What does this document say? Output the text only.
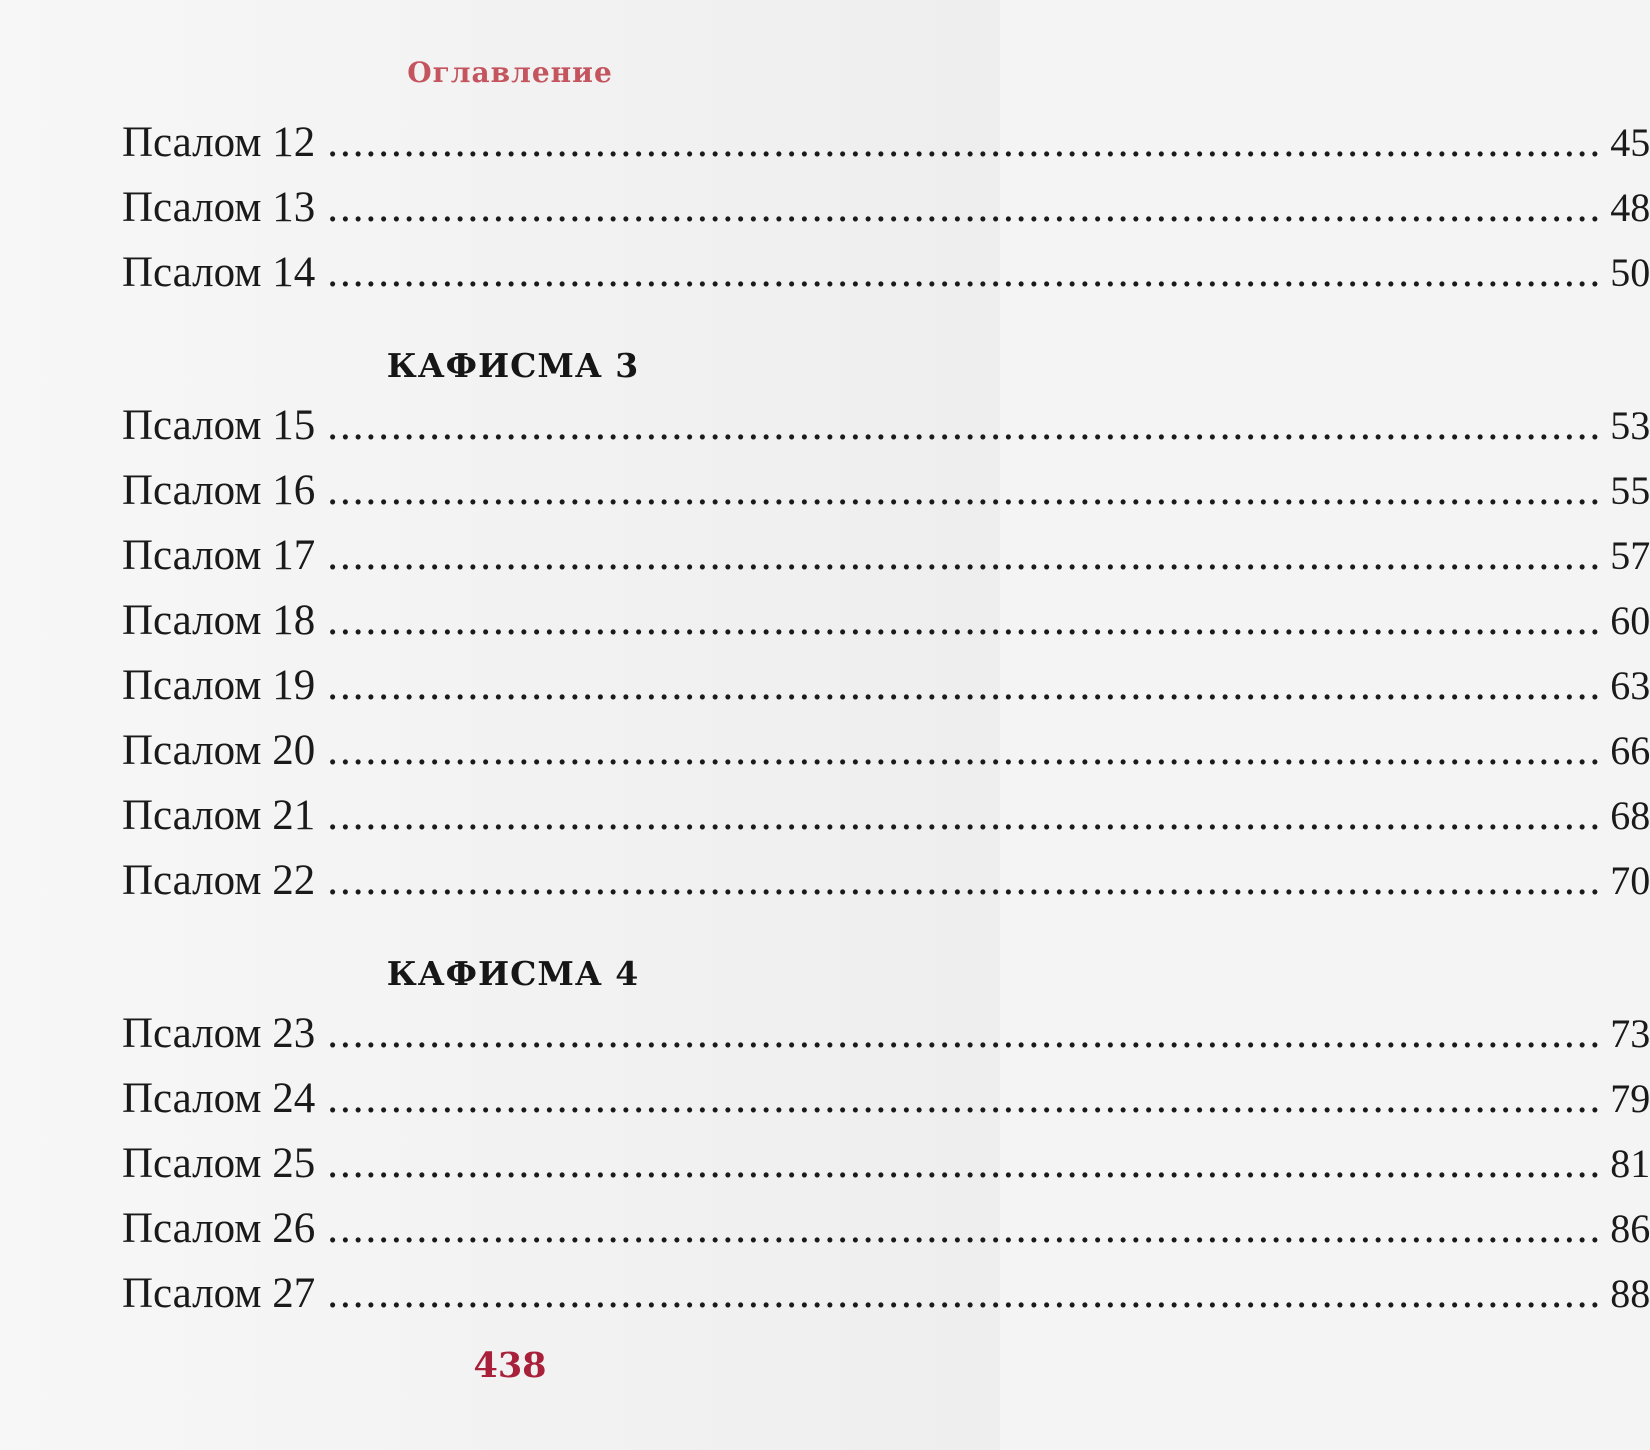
Оглавление
Псалом 12 .................................................................................................... 45
Псалом 13 .................................................................................................... 48
Псалом 14 .................................................................................................... 50
КАФИСМА 3
Псалом 15 .................................................................................................... 53
Псалом 16 .................................................................................................... 55
Псалом 17 .................................................................................................... 57
Псалом 18 .................................................................................................... 60
Псалом 19 .................................................................................................... 63
Псалом 20 .................................................................................................... 66
Псалом 21 .................................................................................................... 68
Псалом 22 .................................................................................................... 70
КАФИСМА 4
Псалом 23 .................................................................................................... 73
Псалом 24 .................................................................................................... 79
Псалом 25 .................................................................................................... 81
Псалом 26 .................................................................................................... 86
Псалом 27 .................................................................................................... 88
438
